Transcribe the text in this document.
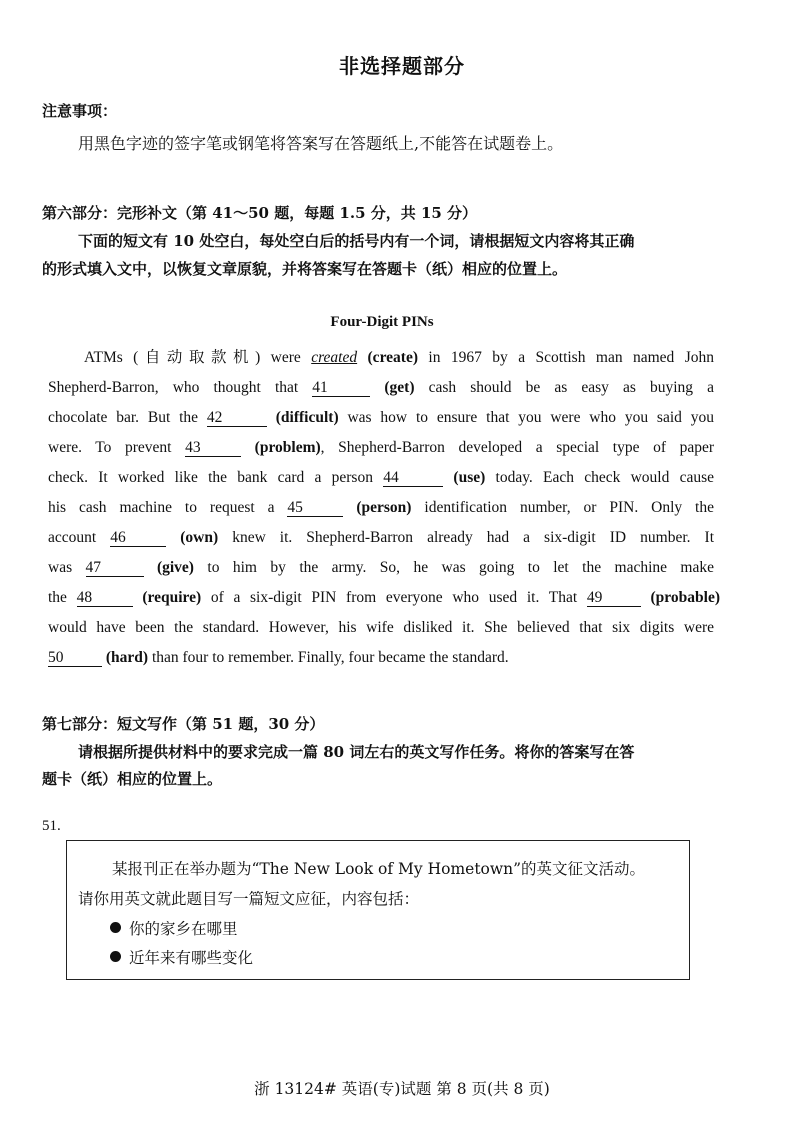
非选择题部分
注意事项：
用黑色字迹的签字笔或钢笔将答案写在答题纸上,不能答在试题卷上。
第六部分：完形补文（第 41～50 题，每题 1.5 分，共 15 分）
下面的短文有 10 处空白，每处空白后的括号内有一个词，请根据短文内容将其正确
的形式填入文中，以恢复文章原貌，并将答案写在答题卡（纸）相应的位置上。
Four-Digit PINs
ATMs (自动取款机) were created (create) in 1967 by a Scottish man named John
Shepherd-Barron, who thought that 41	(get) cash should be as easy as buying a
chocolate bar. But the 42	(difficult) was how to ensure that you were who you said you
were. To prevent 43	(problem), Shepherd-Barron developed a special type of paper
check. It worked like the bank card a person 44	(use) today. Each check would cause
his cash machine to request a 45	(person) identification number, or PIN. Only the
account 46	(own) knew it. Shepherd-Barron already had a six-digit ID number. It
was 47	(give) to him by the army. So, he was going to let the machine make
the 48	(require) of a six-digit PIN from everyone who used it. That 49 (probable)
would have been the standard. However, his wife disliked it. She believed that six digits were
50 (hard) than four to remember. Finally, four became the standard.
第七部分：短文写作（第 51 题，30 分）
请根据所提供材料中的要求完成一篇 80 词左右的英文写作任务。将你的答案写在答
题卡（纸）相应的位置上。
51.
某报刊正在举办题为“The New Look of My Hometown”的英文征文活动。
请你用英文就此题目写一篇短文应征，内容包括：
你的家乡在哪里
近年来有哪些变化
浙 13124# 英语(专)试题 第 8 页(共 8 页)
